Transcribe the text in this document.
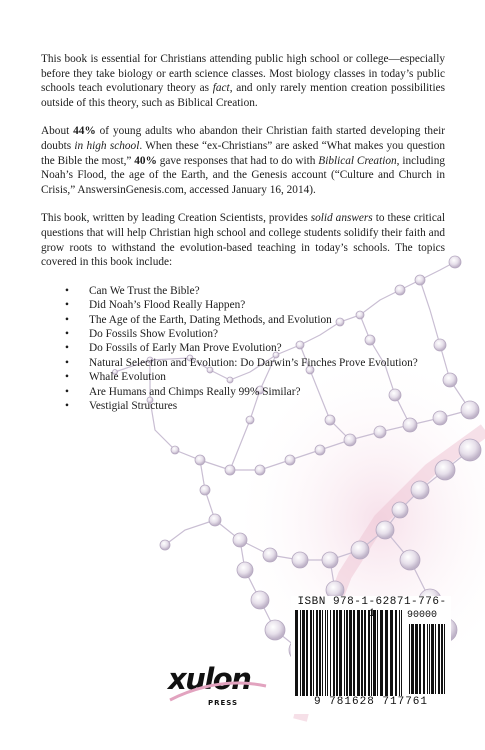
This book is essential for Christians attending public high school or college—especially before they take biology or earth science classes. Most biology classes in today’s public schools teach evolutionary theory as fact, and only rarely mention creation possibilities outside of this theory, such as Biblical Creation.

About 44% of young adults who abandon their Christian faith started developing their doubts in high school. When these “ex-Christians” are asked “What makes you question the Bible the most,” 40% gave responses that had to do with Biblical Creation, including Noah’s Flood, the age of the Earth, and the Genesis account (“Culture and Church in Crisis,” AnswersinGenesis.com, accessed January 16, 2014).

This book, written by leading Creation Scientists, provides solid answers to these critical questions that will help Christian high school and college students solidify their faith and grow roots to withstand the evolution-based teaching in today’s schools. The topics covered in this book include:

• Can We Trust the Bible?
• Did Noah’s Flood Really Happen?
• The Age of the Earth, Dating Methods, and Evolution
• Do Fossils Show Evolution?
• Do Fossils of Early Man Prove Evolution?
• Natural Selection and Evolution: Do Darwin’s Finches Prove Evolution?
• Whale Evolution
• Are Humans and Chimps Really 99% Similar?
• Vestigial Structures
ISBN 978-1-62871-776-
90000
9 781628 717761
xulon
PRESS
